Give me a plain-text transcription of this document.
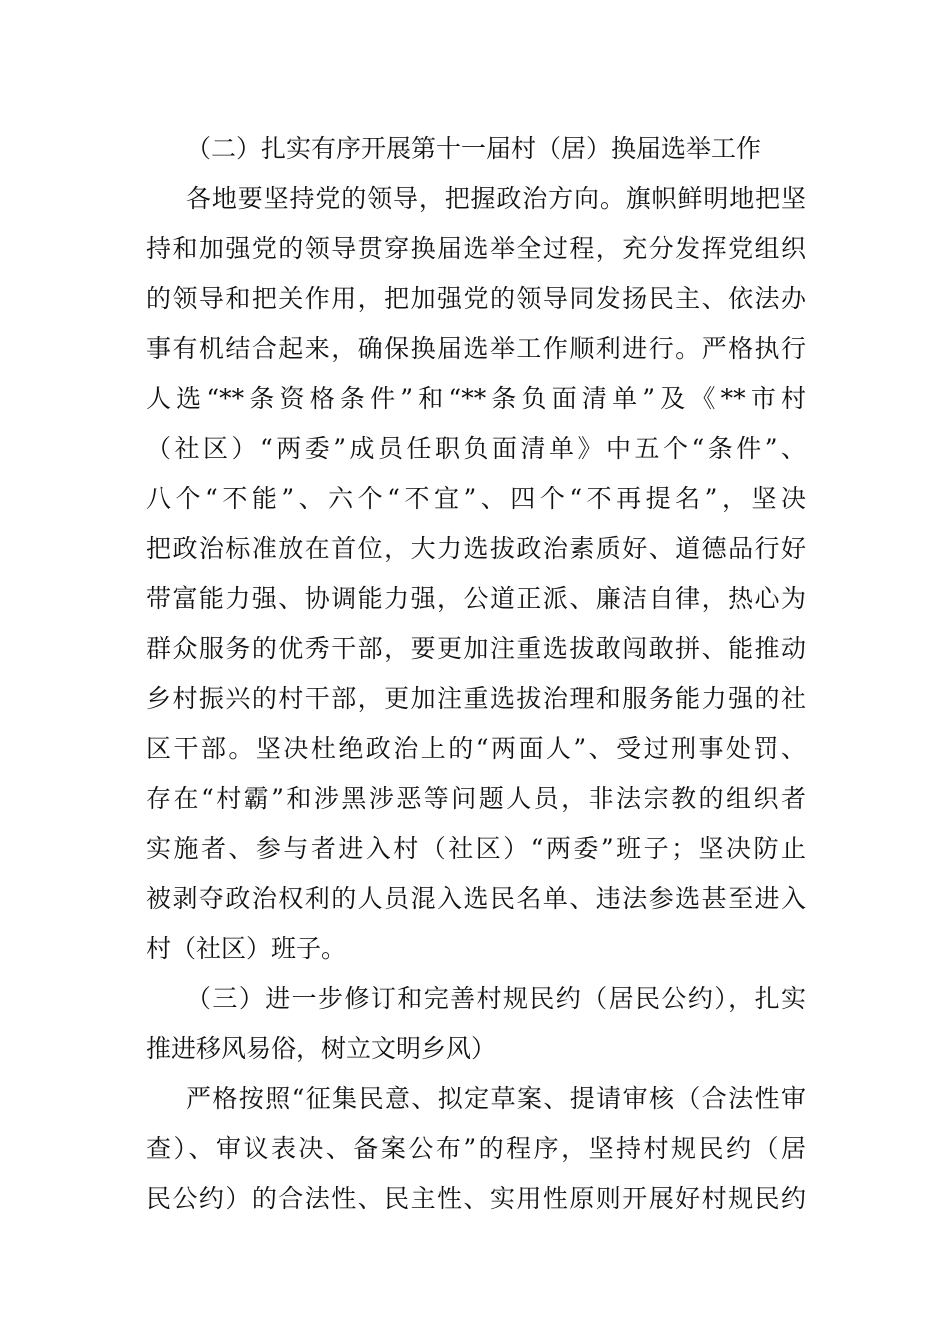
（二）扎实有序开展第十一届村（居）换届选举工作
各地要坚持党的领导，把握政治方向。旗帜鲜明地把坚
持和加强党的领导贯穿换届选举全过程，充分发挥党组织
的领导和把关作用，把加强党的领导同发扬民主、依法办
事有机结合起来，确保换届选举工作顺利进行。严格执行
人选“**条资格条件”和“**条负面清单”及《**市村
（社区）“两委”成员任职负面清单》中五个“条件”、
八个“不能”、六个“不宜”、四个“不再提名”，坚决
把政治标准放在首位，大力选拔政治素质好、道德品行好
带富能力强、协调能力强，公道正派、廉洁自律，热心为
群众服务的优秀干部，要更加注重选拔敢闯敢拼、能推动
乡村振兴的村干部，更加注重选拔治理和服务能力强的社
区干部。坚决杜绝政治上的“两面人”、受过刑事处罚、
存在“村霸”和涉黑涉恶等问题人员，非法宗教的组织者
实施者、参与者进入村（社区）“两委”班子；坚决防止
被剥夺政治权利的人员混入选民名单、违法参选甚至进入
村（社区）班子。
（三）进一步修订和完善村规民约（居民公约），扎实
推进移风易俗，树立文明乡风）
严格按照“征集民意、拟定草案、提请审核（合法性审
查）、审议表决、备案公布”的程序，坚持村规民约（居
民公约）的合法性、民主性、实用性原则开展好村规民约
